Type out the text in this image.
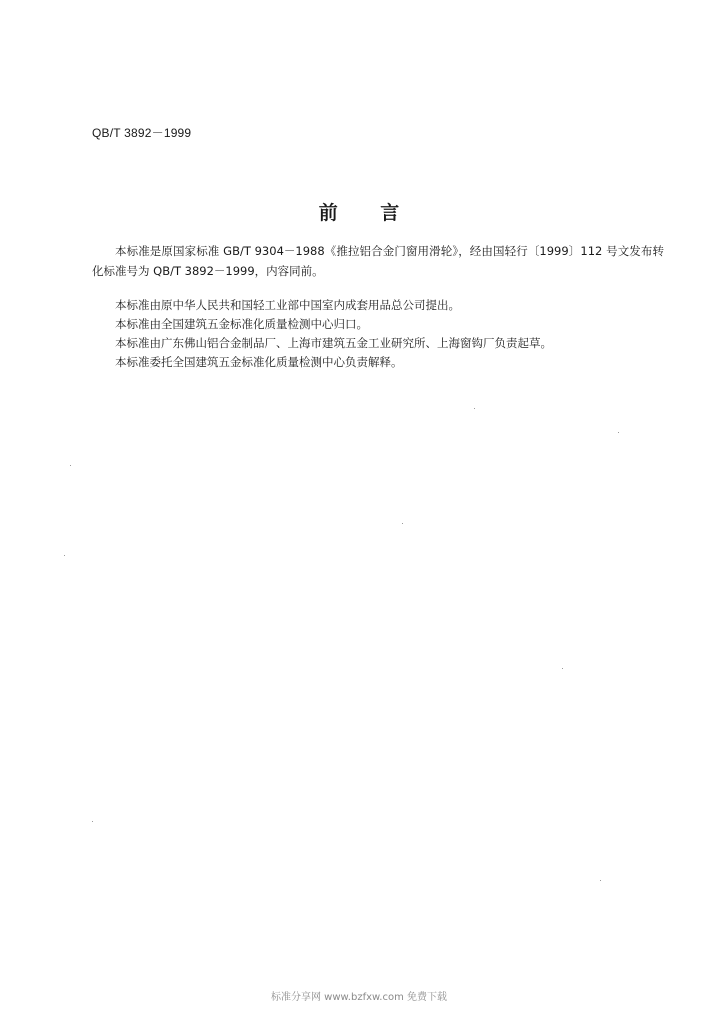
QB/T 3892－1999
前 言

本标准是原国家标准 GB/T 9304－1988《推拉铝合金门窗用滑轮》，经由国轻行〔1999〕112 号文发布转化标准号为 QB/T 3892－1999，内容同前。

本标准由原中华人民共和国轻工业部中国室内成套用品总公司提出。

本标准由全国建筑五金标准化质量检测中心归口。

本标准由广东佛山铝合金制品厂、上海市建筑五金工业研究所、上海窗钩厂负责起草。

本标准委托全国建筑五金标准化质量检测中心负责解释。

标准分享网 www.bzfxw.com 免费下载
